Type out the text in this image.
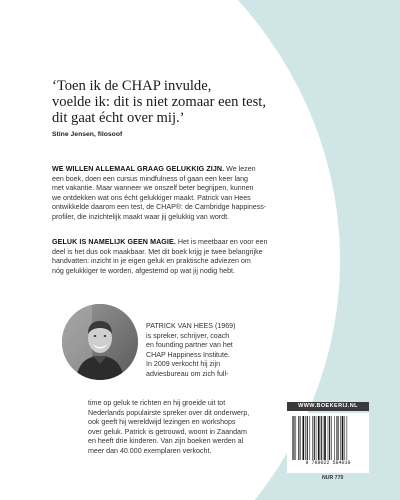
‘Toen ik de CHAP invulde,
voelde ik: dit is niet zomaar een test,
dit gaat écht over mij.’
Stine Jensen, filosoof
WE WILLEN ALLEMAAL GRAAG GELUKKIG ZIJN. We lezen
een boek, doen een cursus mindfulness of gaan een keer lang
met vakantie. Maar wanneer we onszelf beter begrijpen, kunnen
we ontdekken wat ons écht gelukkiger maakt. Patrick van Hees
ontwikkelde daarom een test, de CHAP®: de Cambridge happiness-
profiler, die inzichtelijk maakt waar jij gelukkig van wordt.
GELUK IS NAMELIJK GEEN MAGIE. Het is meetbaar en voor een
deel is het dus ook maakbaar. Met dit boek krijg je twee belangrijke
handvatten: inzicht in je eigen geluk en praktische adviezen om
nóg gelukkiger te worden, afgestemd op wat jij nodig hebt.
PATRICK VAN HEES (1969)
is spreker, schrijver, coach
en founding partner van het
CHAP Happiness Institute.
In 2009 verkocht hij zijn
adviesbureau om zich full-
time op geluk te richten en hij groeide uit tot
Nederlands populairste spreker over dit onderwerp,
ook geeft hij wereldwijd lezingen en workshops
over geluk. Patrick is getrouwd, woont in Zaandam
en heeft drie kinderen. Van zijn boeken werden al
meer dan 40.000 exemplaren verkocht.
WWW.BOEKERIJ.NL
9 789022 584019
NUR 770
